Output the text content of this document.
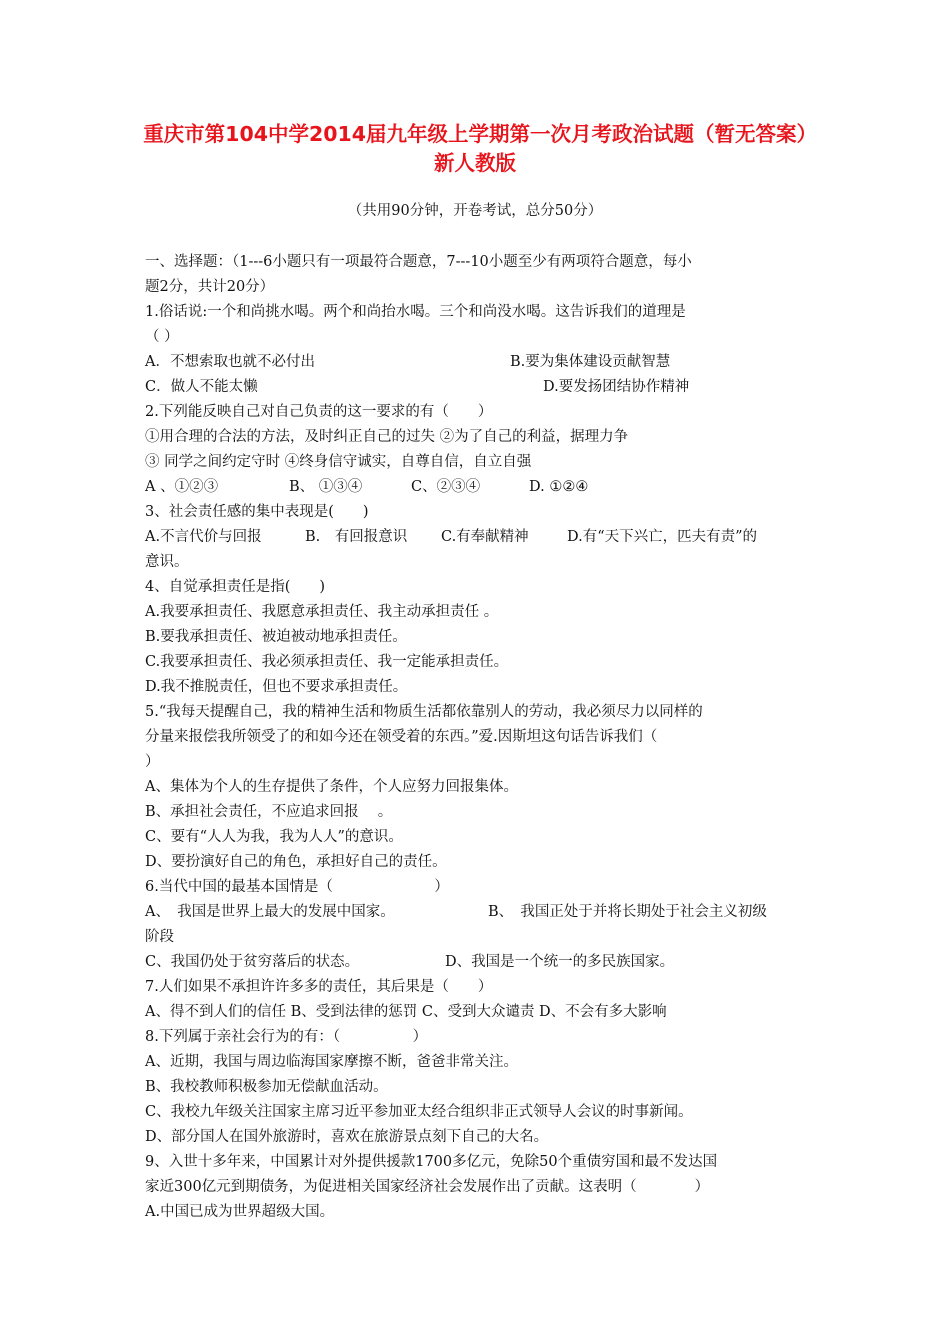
重庆市第104中学2014届九年级上学期第一次月考政治试题（暂无答案）　新人教版

（共用90分钟，开卷考试，总分50分）

一、选择题：（1---6小题只有一项最符合题意，7---10小题至少有两项符合题意，每小
题2分，共计20分）
1.俗话说:一个和尚挑水喝。两个和尚抬水喝。三个和尚没水喝。这告诉我们的道理是
（ ）
A．不想索取也就不必付出	B.要为集体建设贡献智慧
C．做人不能太懒	D.要发扬团结协作精神
2.下列能反映自己对自己负责的这一要求的有（　　）
①用合理的合法的方法，及时纠正自己的过失 ②为了自己的利益，据理力争
③ 同学之间约定守时 ④终身信守诚实，自尊自信，自立自强
A 、①②③	B、 ①③④	C、②③④	D. ①②④
3、社会责任感的集中表现是(　　)
A.不言代价与回报	B.　有回报意识 C.有奉献精神	D.有“天下兴亡，匹夫有责”的
意识。
4、自觉承担责任是指(　　)
A.我要承担责任、我愿意承担责任、我主动承担责任 。
B.要我承担责任、被迫被动地承担责任。
C.我要承担责任、我必须承担责任、我一定能承担责任。
D.我不推脱责任，但也不要求承担责任。
5.“我每天提醒自己，我的精神生活和物质生活都依靠别人的劳动，我必须尽力以同样的
分量来报偿我所领受了的和如今还在领受着的东西。”爱.因斯坦这句话告诉我们（
）
A、集体为个人的生存提供了条件，个人应努力回报集体。
B、承担社会责任，不应追求回报　 。
C、要有“人人为我，我为人人”的意识。
D、要扮演好自己的角色，承担好自己的责任。
6.当代中国的最基本国情是（　　　　　　　）
A、　我国是世界上最大的发展中国家。	B、　我国正处于并将长期处于社会主义初级
阶段
C、我国仍处于贫穷落后的状态。	D、我国是一个统一的多民族国家。
7.人们如果不承担许许多多的责任，其后果是（　　）
A、得不到人们的信任 B、受到法律的惩罚 C、受到大众谴责 D、不会有多大影响
8.下列属于亲社会行为的有：（　　　　　）
A、近期，我国与周边临海国家摩擦不断，爸爸非常关注。
B、我校教师积极参加无偿献血活动。
C、我校九年级关注国家主席习近平参加亚太经合组织非正式领导人会议的时事新闻。
D、部分国人在国外旅游时，喜欢在旅游景点刻下自己的大名。
9、入世十多年来，中国累计对外提供援款1700多亿元，免除50个重债穷国和最不发达国
家近300亿元到期债务，为促进相关国家经济社会发展作出了贡献。这表明（　　　　）
A.中国已成为世界超级大国。
